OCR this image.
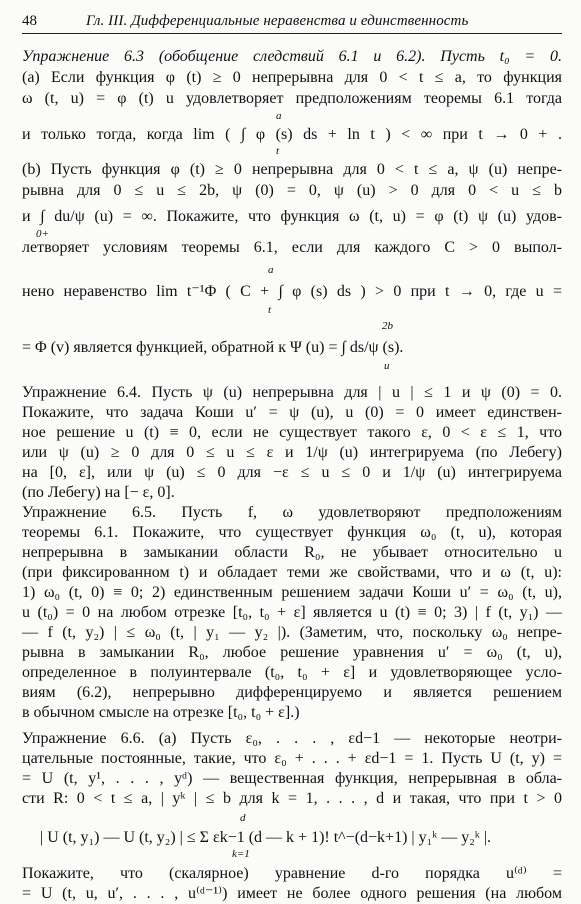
48	Гл. III. Дифференциальные неравенства и единственность
Упражнение 6.3 (обобщение следствий 6.1 и 6.2). Пусть t₀ = 0.
(a) Если функция φ (t) ≥ 0 непрерывна для 0 < t ≤ a, то функция
ω (t, u) = φ (t) u удовлетворяет предположениям теоремы 6.1 тогда
a
и только тогда, когда lim ( ∫ φ (s) ds + ln t ) < ∞ при t → 0 + .
t
(b) Пусть функция φ (t) ≥ 0 непрерывна для 0 < t ≤ a, ψ (u) непре-
рывна для 0 ≤ u ≤ 2b, ψ (0) = 0, ψ (u) > 0 для 0 < u ≤ b
и ∫ du/ψ (u) = ∞. Покажите, что функция ω (t, u) = φ (t) ψ (u) удов-
0+
летворяет условиям теоремы 6.1, если для каждого C > 0 выпол-
a
нено неравенство lim t⁻¹Φ ( C + ∫ φ (s) ds ) > 0 при t → 0, где u =
t
2b
= Φ (v) является функцией, обратной к Ψ (u) = ∫ ds/ψ (s).
u
Упражнение 6.4. Пусть ψ (u) непрерывна для | u | ≤ 1 и ψ (0) = 0.
Покажите, что задача Коши u′ = ψ (u), u (0) = 0 имеет единствен-
ное решение u (t) ≡ 0, если не существует такого ε, 0 < ε ≤ 1, что
или ψ (u) ≥ 0 для 0 ≤ u ≤ ε и 1/ψ (u) интегрируема (по Лебегу)
на [0, ε], или ψ (u) ≤ 0 для −ε ≤ u ≤ 0 и 1/ψ (u) интегрируема
(по Лебегу) на [− ε, 0].
Упражнение 6.5. Пусть f, ω удовлетворяют предположениям
теоремы 6.1. Покажите, что существует функция ω₀ (t, u), которая
непрерывна в замыкании области R₀, не убывает относительно u
(при фиксированном t) и обладает теми же свойствами, что и ω (t, u):
1) ω₀ (t, 0) ≡ 0; 2) единственным решением задачи Коши u′ = ω₀ (t, u),
u (t₀) = 0 на любом отрезке [t₀, t₀ + ε] является u (t) ≡ 0; 3) | f (t, y₁) —
— f (t, y₂) | ≤ ω₀ (t, | y₁ — y₂ |). (Заметим, что, поскольку ω₀ непре-
рывна в замыкании R₀, любое решение уравнения u′ = ω₀ (t, u),
определенное в полуинтервале (t₀, t₀ + ε] и удовлетворяющее усло-
виям (6.2), непрерывно дифференцируемо и является решением
в обычном смысле на отрезке [t₀, t₀ + ε].)
Упражнение 6.6. (a) Пусть ε₀, . . . , εd−1 — некоторые неотри-
цательные постоянные, такие, что ε₀ + . . . + εd−1 = 1. Пусть U (t, y) =
= U (t, y¹, . . . , yᵈ) — вещественная функция, непрерывная в обла-
сти R: 0 < t ≤ a, | yᵏ | ≤ b для k = 1, . . . , d и такая, что при t > 0
d
| U (t, y₁) — U (t, y₂) | ≤ Σ εk−1 (d — k + 1)! t^−(d−k+1) | y₁ᵏ — y₂ᵏ |.
k=1
Покажите, что (скалярное) уравнение d-го порядка u⁽ᵈ⁾ =
= U (t, u, u′, . . . , u⁽ᵈ⁻¹⁾) имеет не более одного решения (на любом
